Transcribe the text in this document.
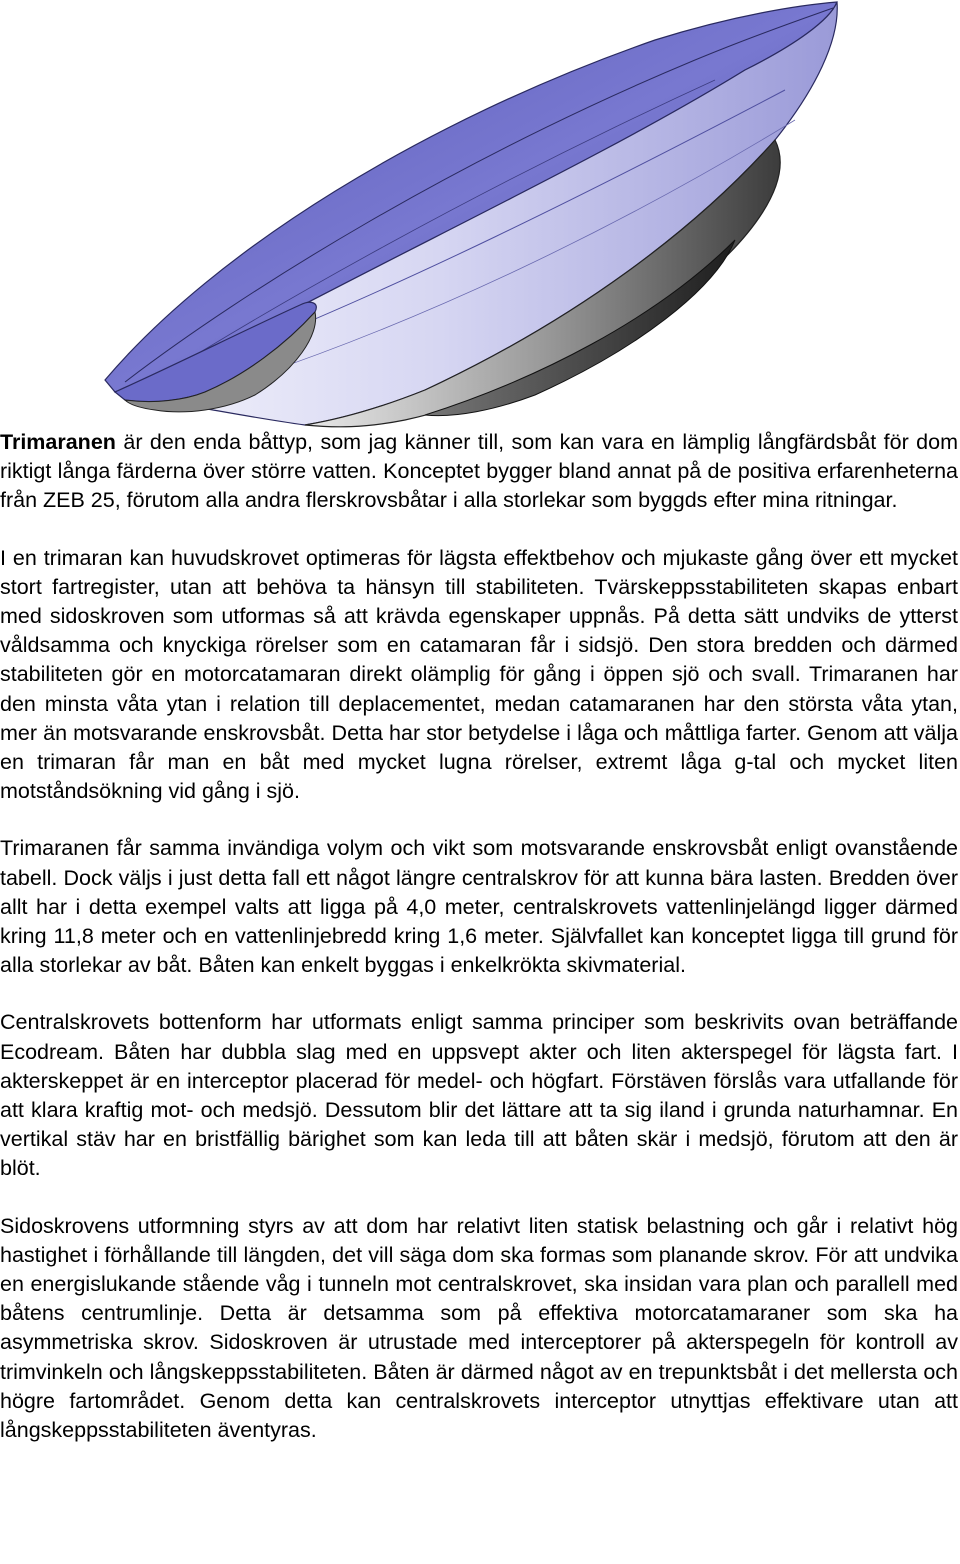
Trimaranen är den enda båttyp, som jag känner till, som kan vara en lämplig långfärdsbåt för dom riktigt långa färderna över större vatten. Konceptet bygger bland annat på de positiva erfarenheterna från ZEB 25, förutom alla andra flerskrovsbåtar i alla storlekar som byggds efter mina ritningar.

I en trimaran kan huvudskrovet optimeras för lägsta effektbehov och mjukaste gång över ett mycket stort fartregister, utan att behöva ta hänsyn till stabiliteten. Tvärskeppsstabiliteten skapas enbart med sidoskroven som utformas så att krävda egenskaper uppnås. På detta sätt undviks de ytterst våldsamma och knyckiga rörelser som en catamaran får i sidsjö. Den stora bredden och därmed stabiliteten gör en motorcatamaran direkt olämplig för gång i öppen sjö och svall. Trimaranen har den minsta våta ytan i relation till deplacementet, medan catamaranen har den största våta ytan, mer än motsvarande enskrovsbåt. Detta har stor betydelse i låga och måttliga farter. Genom att välja en trimaran får man en båt med mycket lugna rörelser, extremt låga g-tal och mycket liten motståndsökning vid gång i sjö.

Trimaranen får samma invändiga volym och vikt som motsvarande enskrovsbåt enligt ovanstående tabell. Dock väljs i just detta fall ett något längre centralskrov för att kunna bära lasten. Bredden över allt har i detta exempel valts att ligga på 4,0 meter, centralskrovets vattenlinjelängd ligger därmed kring 11,8 meter och en vattenlinjebredd kring 1,6 meter. Självfallet kan konceptet ligga till grund för alla storlekar av båt. Båten kan enkelt byggas i enkelkrökta skivmaterial.

Centralskrovets bottenform har utformats enligt samma principer som beskrivits ovan beträffande Ecodream. Båten har dubbla slag med en uppsvept akter och liten akterspegel för lägsta fart. I akterskeppet är en interceptor placerad för medel- och högfart. Förstäven förslås vara utfallande för att klara kraftig mot- och medsjö. Dessutom blir det lättare att ta sig iland i grunda naturhamnar. En vertikal stäv har en bristfällig bärighet som kan leda till att båten skär i medsjö, förutom att den är blöt.

Sidoskrovens utformning styrs av att dom har relativt liten statisk belastning och går i relativt hög hastighet i förhållande till längden, det vill säga dom ska formas som planande skrov. För att undvika en energislukande stående våg i tunneln mot centralskrovet, ska insidan vara plan och parallell med båtens centrumlinje. Detta är detsamma som på effektiva motorcatamaraner som ska ha asymmetriska skrov. Sidoskroven är utrustade med interceptorer på akterspegeln för kontroll av trimvinkeln och långskeppsstabiliteten. Båten är därmed något av en trepunktsbåt i det mellersta och högre fartområdet. Genom detta kan centralskrovets interceptor utnyttjas effektivare utan att långskeppsstabiliteten äventyras.
